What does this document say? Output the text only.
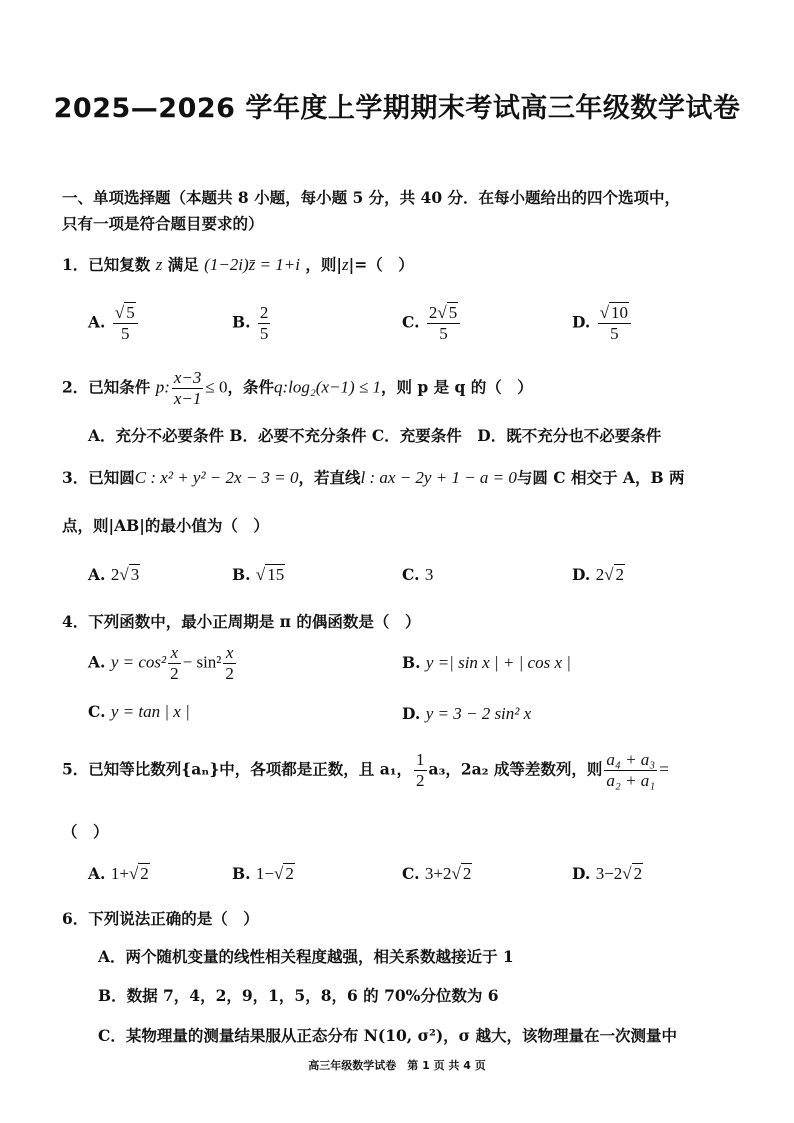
2025—2026 学年度上学期期末考试高三年级数学试卷
一、单项选择题（本题共 8 小题，每小题 5 分，共 40 分．在每小题给出的四个选项中，
只有一项是符合题目要求的）
1．已知复数 z 满足 (1−2i)z̄ = 1+i ，则|z|=（　）
A. $\frac{√ 5}{5}$	B. $\frac{2}{5}$	C. $\frac{2√ 5}{5}$	D. $\frac{√ 10}{5}$
2．已知条件 p: $\frac{x-3}{x-1} \le 0$，条件q:log₂(x−1) ≤ 1，则 p 是 q 的（　）
A．充分不必要条件 B．必要不充分条件 C．充要条件　D．既不充分也不必要条件
3．已知圆C : x² + y² − 2x − 3 = 0，若直线l : ax − 2y + 1 − a = 0与圆 C 相交于 A，B 两
点，则|AB|的最小值为（　）
A. 2√ 3	B. √ 15	C. 3	D. 2√ 2
4．下列函数中，最小正周期是 π 的偶函数是（　）
A. $y = \cos^2 \frac{x}{2} - \sin^2 \frac{x}{2}$	B. y =| sin x | + | cos x |
C. y = tan | x |	D. y = 3 − 2 sin² x
5．已知等比数列{aₙ}中，各项都是正数，且 a₁， $\frac{1}{2} a_3$，2a₂ 成等差数列，则 $\frac{\text{a₄ + a₃}}{\text{a₂ + a₁}}$ =
（　）
A. 1+√ 2	B. 1−√ 2	C. 3+2√ 2	D. 3−2√ 2
6．下列说法正确的是（　）
A．两个随机变量的线性相关程度越强，相关系数越接近于 1
B．数据 7，4，2，9，1，5，8，6 的 70%分位数为 6
C．某物理量的测量结果服从正态分布 N(10, σ²)，σ 越大，该物理量在一次测量中
高三年级数学试卷　第 1 页 共 4 页
